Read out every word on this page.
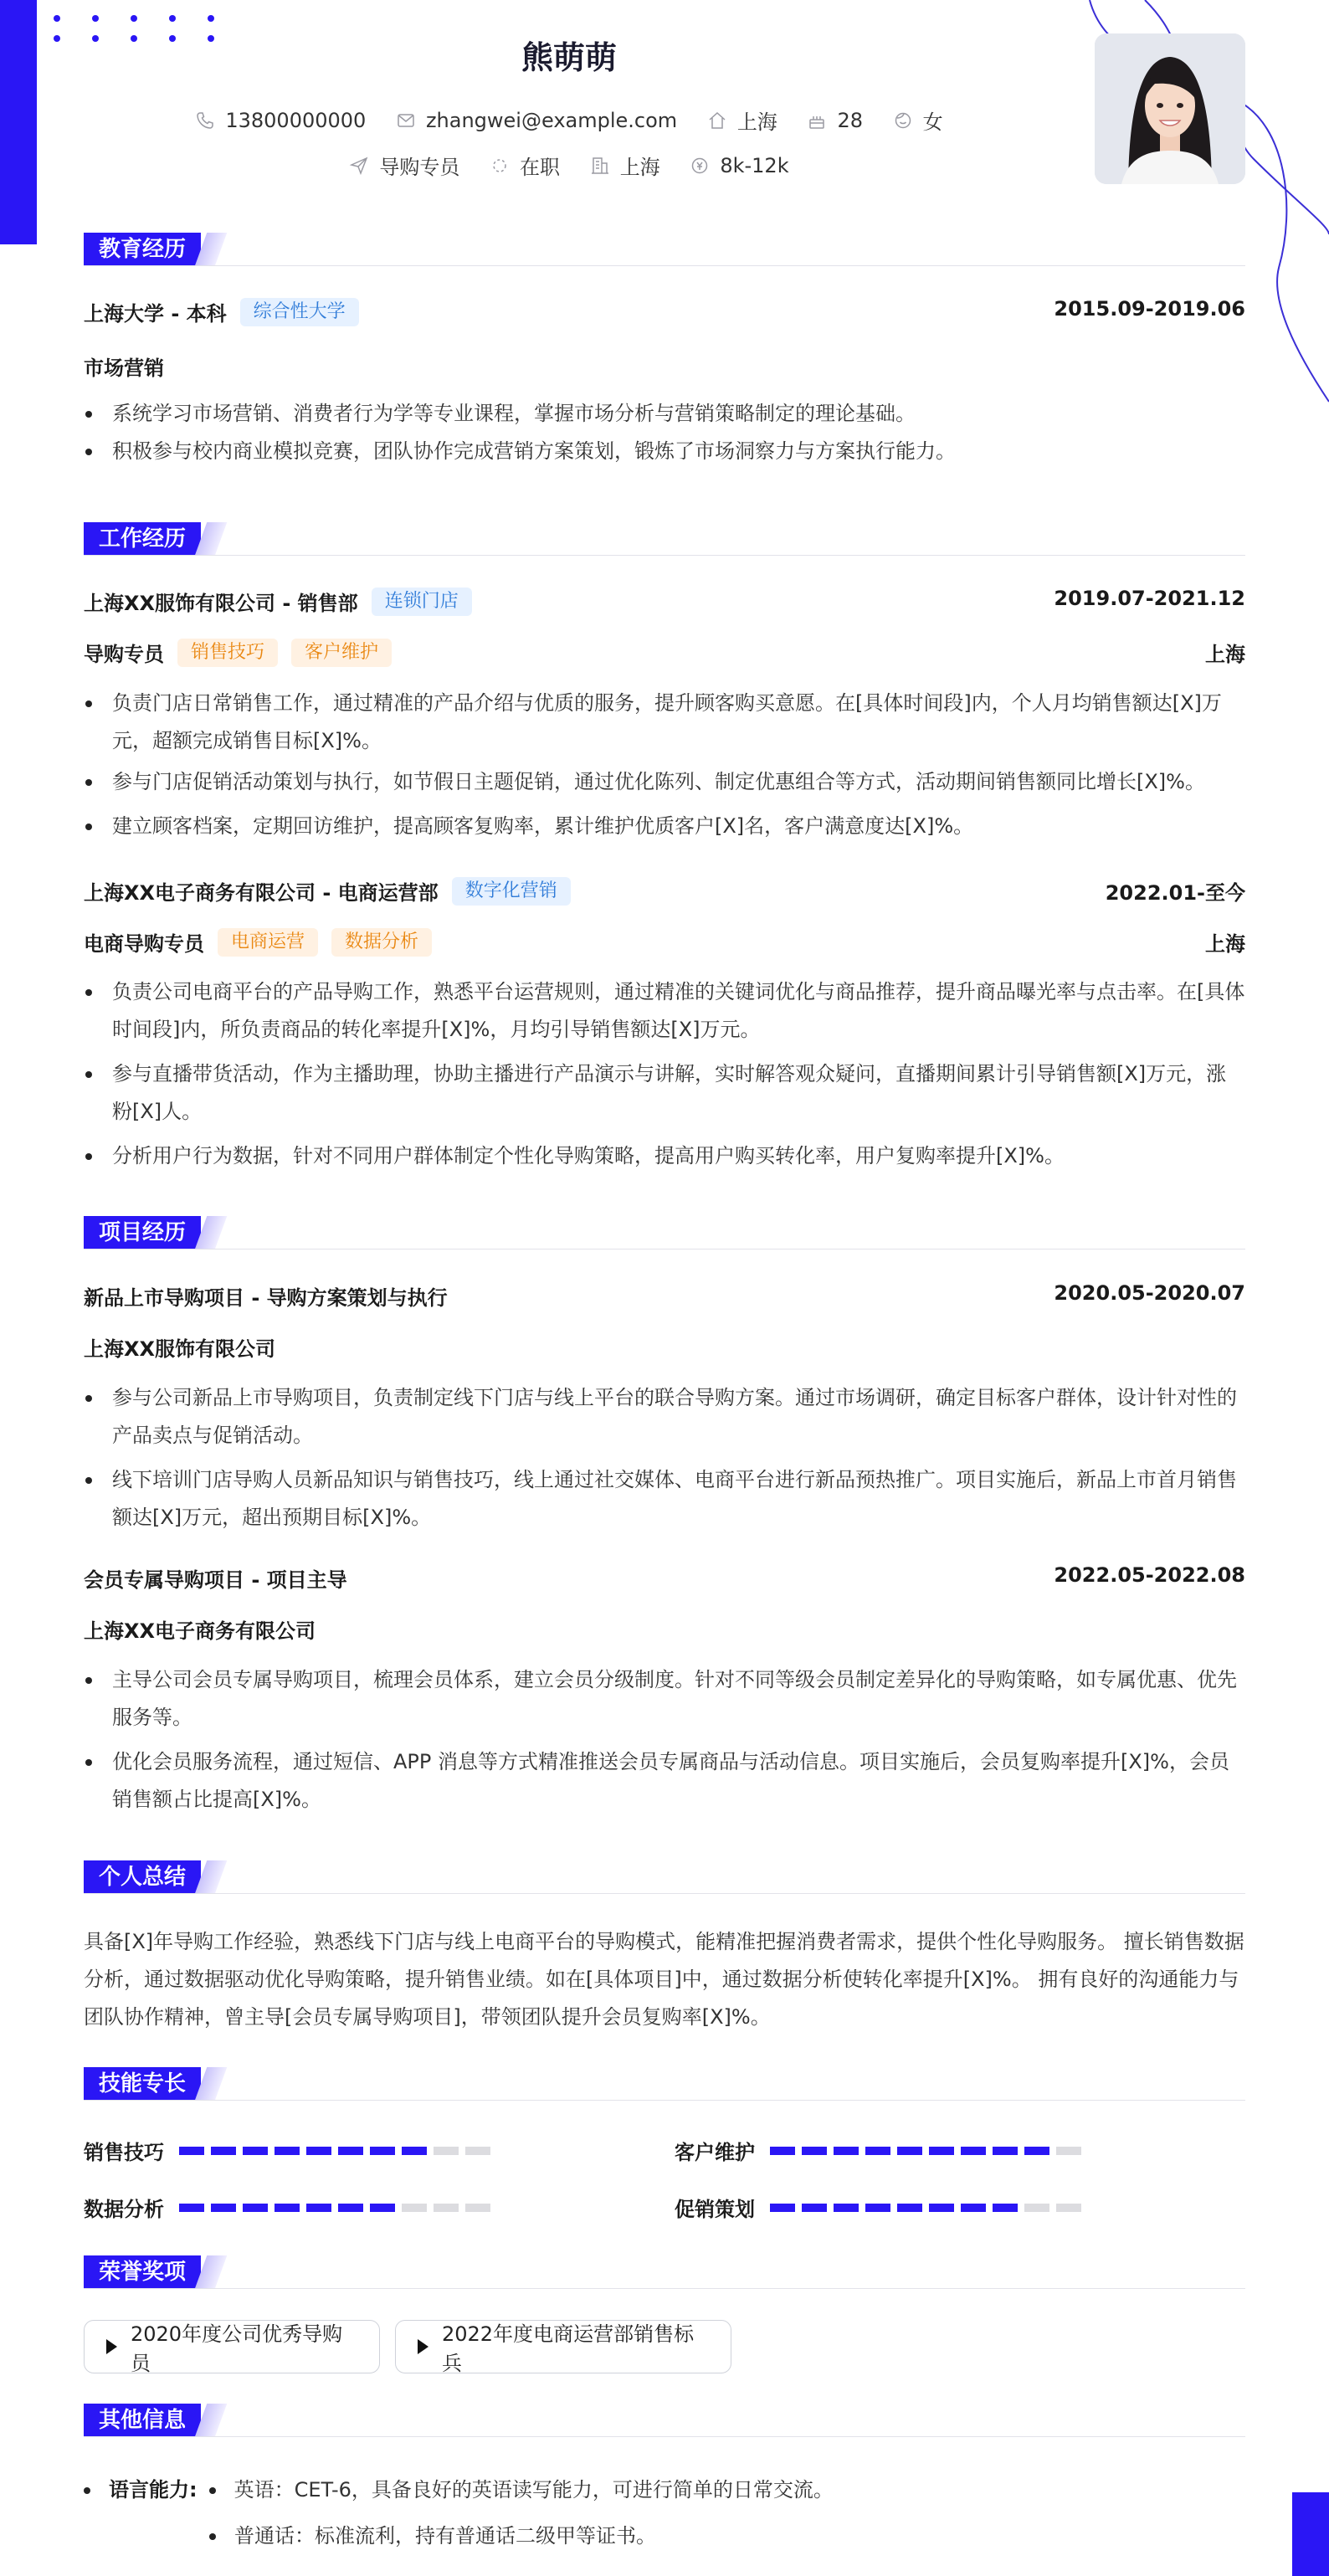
熊萌萌
13800000000
	zhangwei@example.com
	上海
	28
	女
导购专员
	在职
	上海
	8k-12k
教育经历
上海大学 - 本科	综合性大学	2015.09-2019.06
市场营销
系统学习市场营销、消费者行为学等专业课程，掌握市场分析与营销策略制定的理论基础。
积极参与校内商业模拟竞赛，团队协作完成营销方案策划，锻炼了市场洞察力与方案执行能力。
工作经历
上海XX服饰有限公司 - 销售部	连锁门店	2019.07-2021.12
导购专员	销售技巧	客户维护	上海
负责门店日常销售工作，通过精准的产品介绍与优质的服务，提升顾客购买意愿。在[具体时间段]内，个人月均销售额达[X]万元，超额完成销售目标[X]%。
参与门店促销活动策划与执行，如节假日主题促销，通过优化陈列、制定优惠组合等方式，活动期间销售额同比增长[X]%。
建立顾客档案，定期回访维护，提高顾客复购率，累计维护优质客户[X]名，客户满意度达[X]%。
上海XX电子商务有限公司 - 电商运营部	数字化营销	2022.01-至今
电商导购专员	电商运营	数据分析	上海
负责公司电商平台的产品导购工作，熟悉平台运营规则，通过精准的关键词优化与商品推荐，提升商品曝光率与点击率。在[具体时间段]内，所负责商品的转化率提升[X]%，月均引导销售额达[X]万元。
参与直播带货活动，作为主播助理，协助主播进行产品演示与讲解，实时解答观众疑问，直播期间累计引导销售额[X]万元，涨粉[X]人。
分析用户行为数据，针对不同用户群体制定个性化导购策略，提高用户购买转化率，用户复购率提升[X]%。
项目经历
新品上市导购项目 - 导购方案策划与执行	2020.05-2020.07
上海XX服饰有限公司
参与公司新品上市导购项目，负责制定线下门店与线上平台的联合导购方案。通过市场调研，确定目标客户群体，设计针对性的产品卖点与促销活动。
线下培训门店导购人员新品知识与销售技巧，线上通过社交媒体、电商平台进行新品预热推广。项目实施后，新品上市首月销售额达[X]万元，超出预期目标[X]%。
会员专属导购项目 - 项目主导	2022.05-2022.08
上海XX电子商务有限公司
主导公司会员专属导购项目，梳理会员体系，建立会员分级制度。针对不同等级会员制定差异化的导购策略，如专属优惠、优先服务等。
优化会员服务流程，通过短信、APP 消息等方式精准推送会员专属商品与活动信息。项目实施后，会员复购率提升[X]%，会员销售额占比提高[X]%。
个人总结
具备[X]年导购工作经验，熟悉线下门店与线上电商平台的导购模式，能精准把握消费者需求，提供个性化导购服务。 擅长销售数据分析，通过数据驱动优化导购策略，提升销售业绩。如在[具体项目]中，通过数据分析使转化率提升[X]%。 拥有良好的沟通能力与团队协作精神，曾主导[会员专属导购项目]，带领团队提升会员复购率[X]%。
技能专长
销售技巧	客户维护
数据分析	促销策划
荣誉奖项
2020年度公司优秀导购员
2022年度电商运营部销售标兵
其他信息
语言能力: 英语：CET-6，具备良好的英语读写能力，可进行简单的日常交流。
普通话：标准流利，持有普通话二级甲等证书。
